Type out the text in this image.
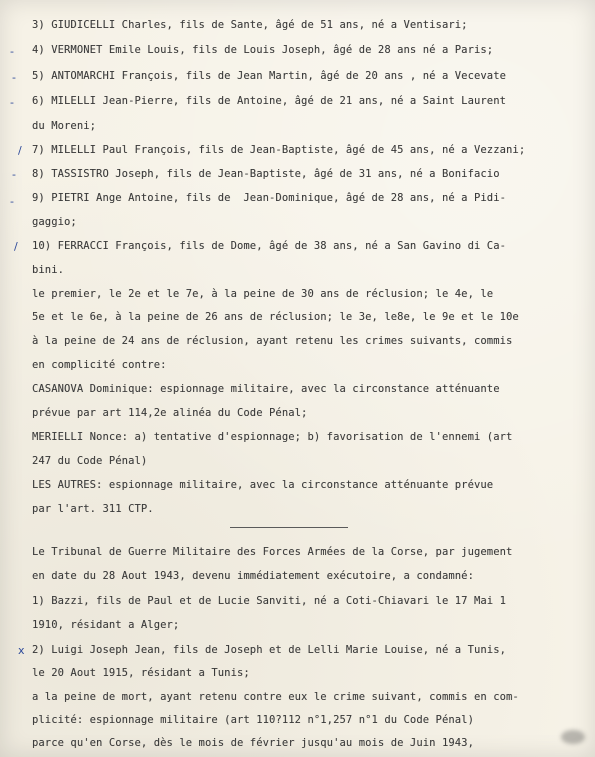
-
-
-
/
-
-
/
x
3) GIUDICELLI Charles, fils de Sante, âgé de 51 ans, né a Ventisari;
4) VERMONET Emile Louis, fils de Louis Joseph, âgé de 28 ans né a Paris;
5) ANTOMARCHI François, fils de Jean Martin, âgé de 20 ans , né a Vecevate
6) MILELLI Jean-Pierre, fils de Antoine, âgé de 21 ans, né a Saint Laurent
du Moreni;
7) MILELLI Paul François, fils de Jean-Baptiste, âgé de 45 ans, né a Vezzani;
8) TASSISTRO Joseph, fils de Jean-Baptiste, âgé de 31 ans, né a Bonifacio
9) PIETRI Ange Antoine, fils de  Jean-Dominique, âgé de 28 ans, né a Pidi-
gaggio;
10) FERRACCI François, fils de Dome, âgé de 38 ans, né a San Gavino di Ca-
bini.
le premier, le 2e et le 7e, à la peine de 30 ans de réclusion; le 4e, le
5e et le 6e, à la peine de 26 ans de réclusion; le 3e, le8e, le 9e et le 10e
à la peine de 24 ans de réclusion, ayant retenu les crimes suivants, commis
en complicité contre:
CASANOVA Dominique: espionnage militaire, avec la circonstance atténuante
prévue par art 114,2e alinéa du Code Pénal;
MERIELLI Nonce: a) tentative d'espionnage; b) favorisation de l'ennemi (art
247 du Code Pénal)
LES AUTRES: espionnage militaire, avec la circonstance atténuante prévue
par l'art. 311 CTP.
Le Tribunal de Guerre Militaire des Forces Armées de la Corse, par jugement
en date du 28 Aout 1943, devenu immédiatement exécutoire, a condamné:
1) Bazzi, fils de Paul et de Lucie Sanviti, né a Coti-Chiavari le 17 Mai 1
1910, résidant a Alger;
2) Luigi Joseph Jean, fils de Joseph et de Lelli Marie Louise, né a Tunis,
le 20 Aout 1915, résidant a Tunis;
a la peine de mort, ayant retenu contre eux le crime suivant, commis en com-
plicité: espionnage militaire (art 110?112 n°1,257 n°1 du Code Pénal)
parce qu'en Corse, dès le mois de février jusqu'au mois de Juin 1943,
